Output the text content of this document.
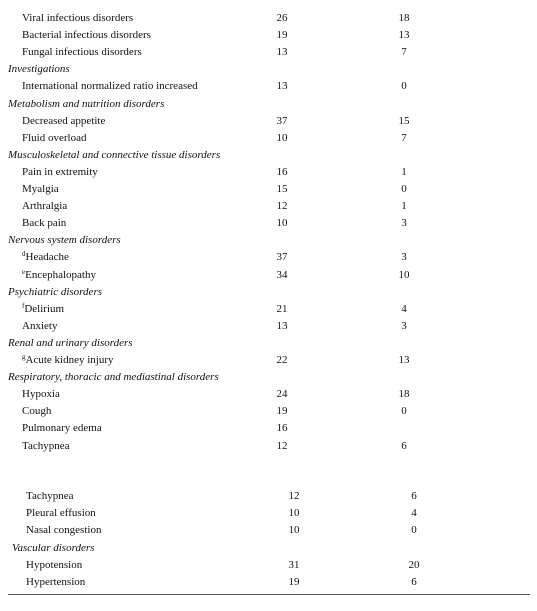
Viral infectious disorders	26	18
Bacterial infectious disorders	19	13
Fungal infectious disorders	13	7
Investigations
International normalized ratio increased	13	0
Metabolism and nutrition disorders
Decreased appetite	37	15
Fluid overload	10	7
Musculoskeletal and connective tissue disorders
Pain in extremity	16	1
Myalgia	15	0
Arthralgia	12	1
Back pain	10	3
Nervous system disorders
$^d$Headache	37	3
$^e$Encephalopathy	34	10
Psychiatric disorders
$^f$Delirium	21	4
Anxiety	13	3
Renal and urinary disorders
$^g$Acute kidney injury	22	13
Respiratory, thoracic and mediastinal disorders
Hypoxia	24	18
Cough	19	0
Pulmonary edema	16
Tachypnea	12	6
Tachypnea	12	6
Pleural effusion	10	4
Nasal congestion	10	0
Vascular disorders
Hypotension	31	20
Hypertension	19	6
